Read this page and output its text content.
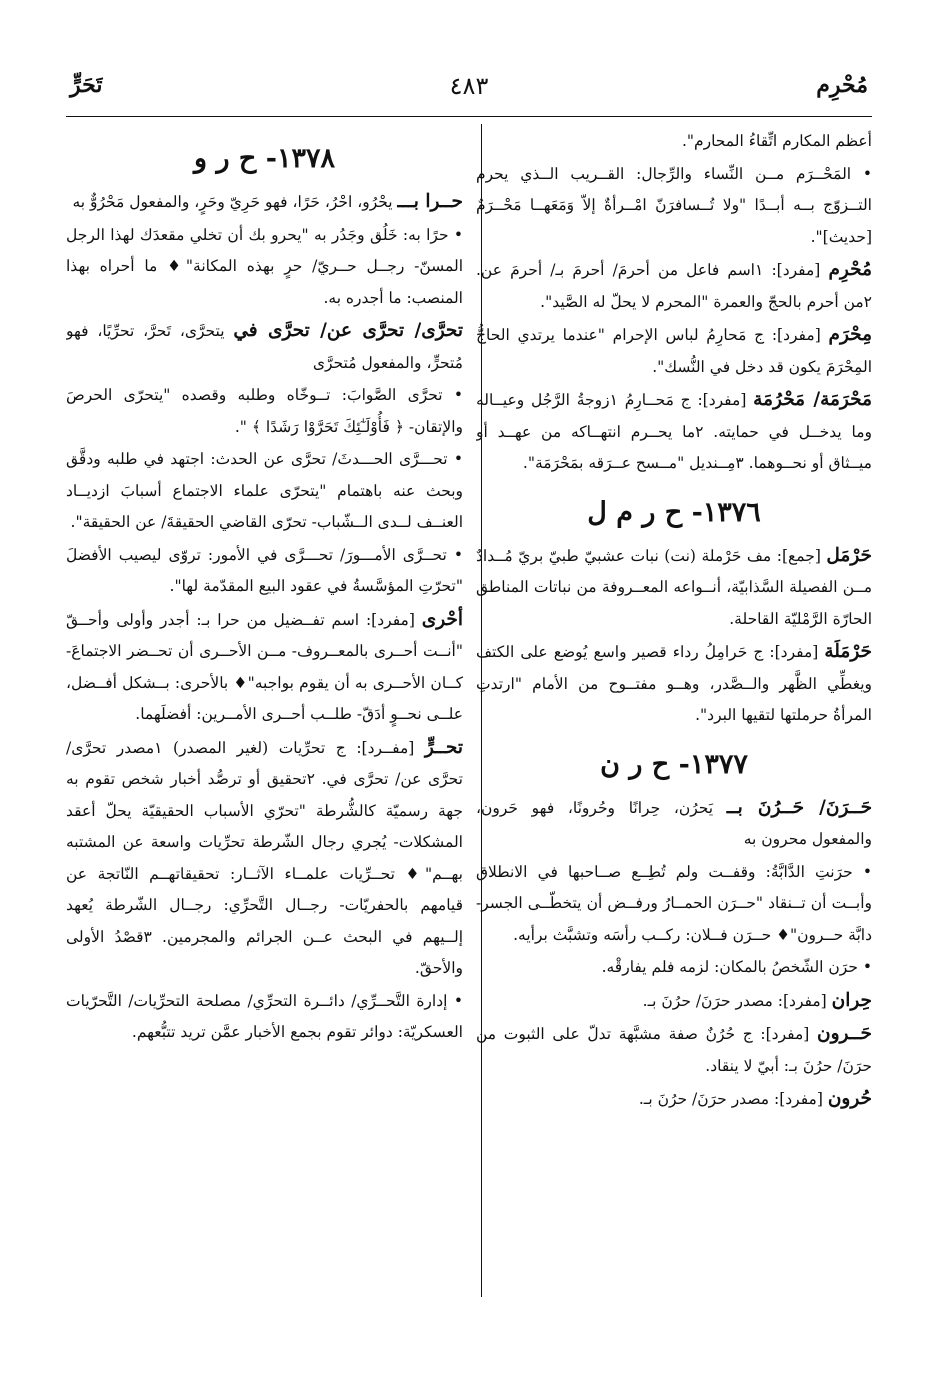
مُحْرِم
٤٨٣
تَحَرٍّ

أعظم المكارم اتِّقاءُ المحارم".

• المَحْــرَم مــن النِّساء والرِّجال: القــريب الــذي يحرم التــزوّج بــه أبــدًا "ولا تُــسافرَنّ امْــرأةٌ إلاّ وَمَعَهــا مَحْــرَمٌ [حديث]".

مُحْرِم [مفرد]: ١اسم فاعل من أحرمَ/ أحرمَ بـ/ أحرمَ عن. ٢من أحرم بالحجّ والعمرة "المحرم لا يحلّ له الصَّيد".

مِحْرَم [مفرد]: ج مَحارِمُ لباس الإحرام "عندما يرتدي الحاجُّ المِحْرَمَ يكون قد دخل في النُّسك".

مَحْرَمَة/ مَحْرُمَة [مفرد]: ج مَحــارِمُ ١زوجةُ الرَّجُل وعيــاله وما يدخــل في حمايته. ٢ما يحــرم انتهــاكه من عهــد أو ميــثاق أو نحــوهما. ٣مِــنديل "مــسح عــرَقه بمَحْرَمَة".

١٣٧٦- ح ر م ل

حَرْمَل [جمع]: مف حَرْملة (نت) نبات عشبيّ طبيّ بريّ مُــدادٌ مــن الفصيلة السَّذابيّة، أنــواعه المعــروفة من نباتات المناطق الحارّة الرَّمْليّة القاحلة.

حَرْمَلَة [مفرد]: ج حَرامِلُ رداء قصير واسع يُوضع على الكتف ويغطِّي الظَّهر والــصَّدر، وهــو مفتــوح من الأمام "ارتدتِ المرأةُ حرملتها لتقيها البرد".

١٣٧٧- ح ر ن

حَــرَنَ/ حَــرُنَ بــ يَحرُن، حِرانًا وحُرونًا، فهو حَرون، والمفعول محرون به

• حرَنتِ الدَّابَّةُ: وقفــت ولم تُطِــع صــاحبها في الانطلاق وأبــت أن تــنقاد "حــرَن الحمــارُ ورفــض أن يتخطّــى الجسر- دابَّة حــرون"♦ حــرَن فــلان: ركــب رأسَه وتشبَّث برأيه.

• حرَن الشّخصُ بالمكان: لزمه فلم يفارقْه.

حِران [مفرد]: مصدر حرَنَ/ حرُنَ بـ.

حَــرون [مفرد]: ج حُرُنٌ صفة مشبَّهة تدلّ على الثبوت من حرَنَ/ حرُنَ بـ: أبيّ لا ينقاد.

حُرون [مفرد]: مصدر حرَنَ/ حرُنَ بـ.

١٣٧٨- ح ر و

حــرا بـــ يحْرُو، احْرُ، حَرًا، فهو حَرِيّ وحَرٍ، والمفعول مَحْرُوٌّ به

• حرًا به: خَلُق وجَدُر به "يحرو بك أن تخلي مقعدَك لهذا الرجل المسنّ- رجــل حــريّ/ حرٍ بهذه المكانة"♦ ما أحراه بهذا المنصب: ما أجدره به.

تحرَّى/ تحرَّى عن/ تحرَّى في يتحرَّى، تَحرَّ، تحرِّيًا، فهو مُتحرٍّ، والمفعول مُتحرَّى

• تحرَّى الصَّوابَ: تــوخّاه وطلبه وقصده "يتحرّى الحرصَ والإتقان- ﴿ فَأُوْلَـٰٓئِكَ تَحَرَّوْا رَشَدًا ﴾ ".

• تحـــرَّى الحـــدثَ/ تحرَّى عن الحدث: اجتهد في طلبه ودقَّق وبحث عنه باهتمام "يتحرّى علماء الاجتماع أسبابَ ازديــاد العنــف لــدى الــشّباب- تحرّى القاضي الحقيقةَ/ عن الحقيقة".

• تحــرَّى الأمـــورَ/ تحـــرَّى في الأمور: تروّى ليصيب الأفضلَ "تحرّتِ المؤسَّسةُ في عقود البيع المقدّمة لها".

أحْرى [مفرد]: اسم تفــضيل من حرا بـ: أجدر وأولى وأحــقّ "أنــت أحــرى بالمعــروف- مــن الأحــرى أن تحــضر الاجتماعَ- كــان الأحــرى به أن يقوم بواجبه"♦ بالأحرى: بــشكل أفــضل، علــى نحــوٍ أدَقّ- طلــب أحــرى الأمــرين: أفضلَهما.

تحــرٍّ [مفــرد]: ج تحرِّيات (لغير المصدر) ١مصدر تحرَّى/ تحرَّى عن/ تحرَّى في. ٢تحقيق أو ترصُّد أخبار شخص تقوم به جهة رسميّة كالشُّرطة "تحرّي الأسباب الحقيقيّة يحلّ أعقد المشكلات- يُجري رجال الشّرطة تحرِّيات واسعة عن المشتبه بهــم"♦ تحــرِّيات علمــاء الآثــار: تحقيقاتهــم النّاتجة عن قيامهم بالحفريّات- رجــال التَّحرِّي: رجــال الشّرطة يُعهد إلــيهم في البحث عــن الجرائم والمجرمين. ٣قصْدُ الأولى والأحقّ.

• إدارة التَّحــرِّي/ دائــرة التحرِّي/ مصلحة التحرِّيات/ التَّحرّيات العسكريّة: دوائر تقوم بجمع الأخبار عمَّن تريد تتبُّعهم.
